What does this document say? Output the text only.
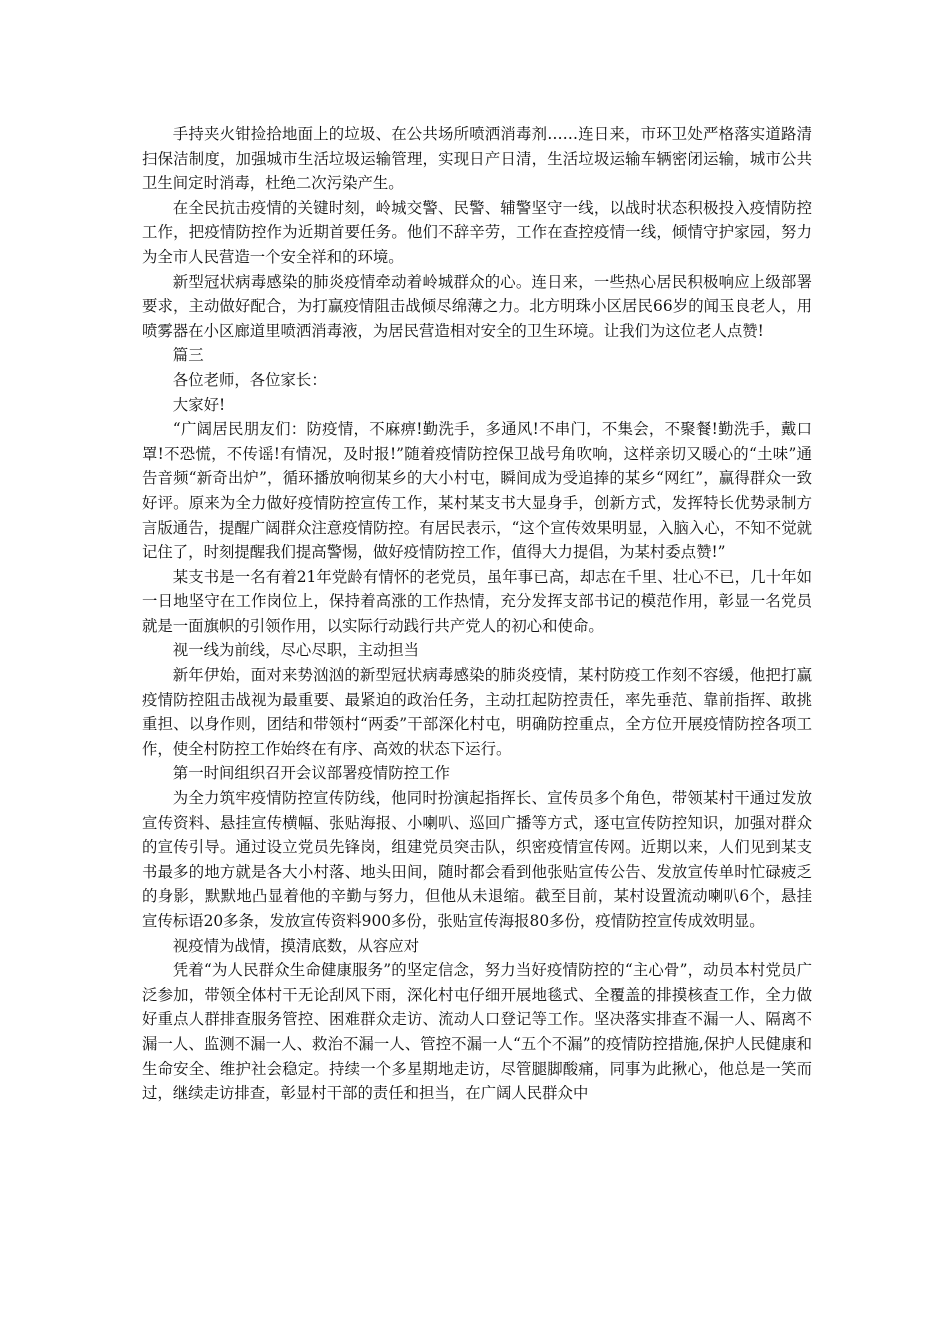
手持夹火钳捡拾地面上的垃圾、在公共场所喷洒消毒剂……连日来，市环卫处严格落实道路清扫保洁制度，加强城市生活垃圾运输管理，实现日产日清，生活垃圾运输车辆密闭运输，城市公共卫生间定时消毒，杜绝二次污染产生。

在全民抗击疫情的关键时刻，岭城交警、民警、辅警坚守一线，以战时状态积极投入疫情防控工作，把疫情防控作为近期首要任务。他们不辞辛劳，工作在查控疫情一线，倾情守护家园，努力为全市人民营造一个安全祥和的环境。

新型冠状病毒感染的肺炎疫情牵动着岭城群众的心。连日来，一些热心居民积极响应上级部署要求，主动做好配合，为打赢疫情阻击战倾尽绵薄之力。北方明珠小区居民66岁的闻玉良老人，用喷雾器在小区廊道里喷洒消毒液，为居民营造相对安全的卫生环境。让我们为这位老人点赞!

篇三

各位老师，各位家长：

大家好!

“广阔居民朋友们：防疫情，不麻痹!勤洗手，多通风!不串门，不集会，不聚餐!勤洗手，戴口罩!不恐慌，不传谣!有情况，及时报!”随着疫情防控保卫战号角吹响，这样亲切又暖心的“土味”通告音频“新奇出炉”，循环播放响彻某乡的大小村屯，瞬间成为受追捧的某乡“网红”，赢得群众一致好评。原来为全力做好疫情防控宣传工作，某村某支书大显身手，创新方式，发挥特长优势录制方言版通告，提醒广阔群众注意疫情防控。有居民表示，“这个宣传效果明显，入脑入心，不知不觉就记住了，时刻提醒我们提高警惕，做好疫情防控工作，值得大力提倡，为某村委点赞!”

某支书是一名有着21年党龄有情怀的老党员，虽年事已高，却志在千里、壮心不已，几十年如一日地坚守在工作岗位上，保持着高涨的工作热情，充分发挥支部书记的模范作用，彰显一名党员就是一面旗帜的引领作用，以实际行动践行共产党人的初心和使命。

视一线为前线，尽心尽职，主动担当

新年伊始，面对来势汹汹的新型冠状病毒感染的肺炎疫情，某村防疫工作刻不容缓，他把打赢疫情防控阻击战视为最重要、最紧迫的政治任务，主动扛起防控责任，率先垂范、靠前指挥、敢挑重担、以身作则，团结和带领村“两委”干部深化村屯，明确防控重点，全方位开展疫情防控各项工作，使全村防控工作始终在有序、高效的状态下运行。

第一时间组织召开会议部署疫情防控工作

为全力筑牢疫情防控宣传防线，他同时扮演起指挥长、宣传员多个角色，带领某村干通过发放宣传资料、悬挂宣传横幅、张贴海报、小喇叭、巡回广播等方式，逐屯宣传防控知识，加强对群众的宣传引导。通过设立党员先锋岗，组建党员突击队，织密疫情宣传网。近期以来，人们见到某支书最多的地方就是各大小村落、地头田间，随时都会看到他张贴宣传公告、发放宣传单时忙碌疲乏的身影，默默地凸显着他的辛勤与努力，但他从未退缩。截至目前，某村设置流动喇叭6个，悬挂宣传标语20多条，发放宣传资料900多份，张贴宣传海报80多份，疫情防控宣传成效明显。

视疫情为战情，摸清底数，从容应对

凭着“为人民群众生命健康服务”的坚定信念，努力当好疫情防控的“主心骨”，动员本村党员广泛参加，带领全体村干无论刮风下雨，深化村屯仔细开展地毯式、全覆盖的排摸核查工作，全力做好重点人群排查服务管控、困难群众走访、流动人口登记等工作。坚决落实排查不漏一人、隔离不漏一人、监测不漏一人、救治不漏一人、管控不漏一人“五个不漏”的疫情防控措施,保护人民健康和生命安全、维护社会稳定。持续一个多星期地走访，尽管腿脚酸痛，同事为此揪心，他总是一笑而过，继续走访排查，彰显村干部的责任和担当，在广阔人民群众中
